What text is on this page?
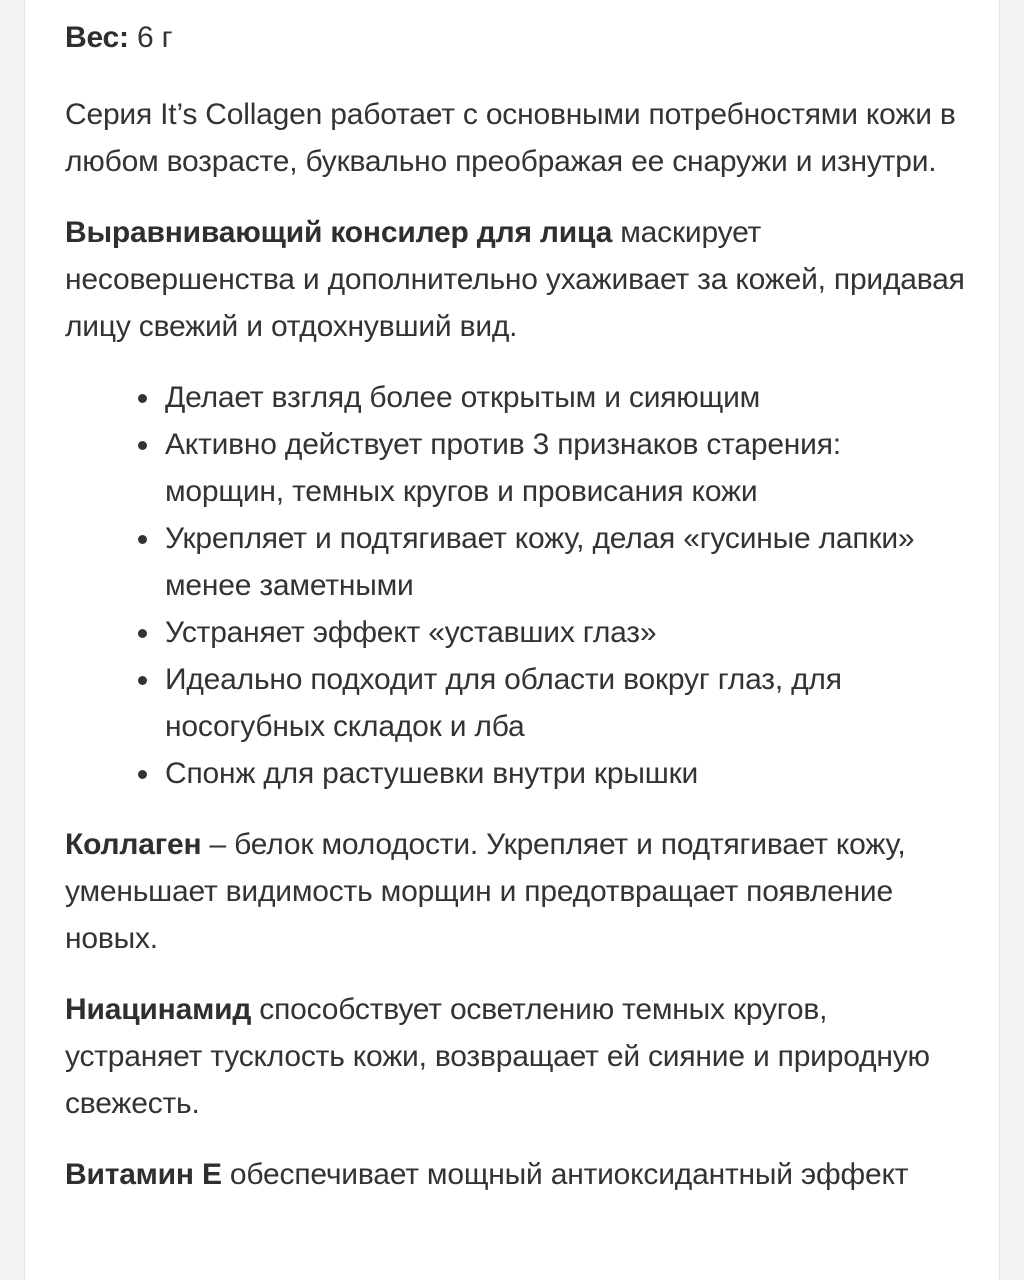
Вес: 6 г

Серия It’s Collagen работает с основными потребностями кожи в любом возрасте, буквально преображая ее снаружи и изнутри.

Выравнивающий консилер для лица маскирует несовершенства и дополнительно ухаживает за кожей, придавая лицу свежий и отдохнувший вид.

Делает взгляд более открытым и сияющим
Активно действует против 3 признаков старения: морщин, темных кругов и провисания кожи
Укрепляет и подтягивает кожу, делая «гусиные лапки» менее заметными
Устраняет эффект «уставших глаз»
Идеально подходит для области вокруг глаз, для носогубных складок и лба
Спонж для растушевки внутри крышки

Коллаген – белок молодости. Укрепляет и подтягивает кожу, уменьшает видимость морщин и предотвращает появление новых.

Ниацинамид способствует осветлению темных кругов, устраняет тусклость кожи, возвращает ей сияние и природную свежесть.

Витамин Е обеспечивает мощный антиоксидантный эффект
